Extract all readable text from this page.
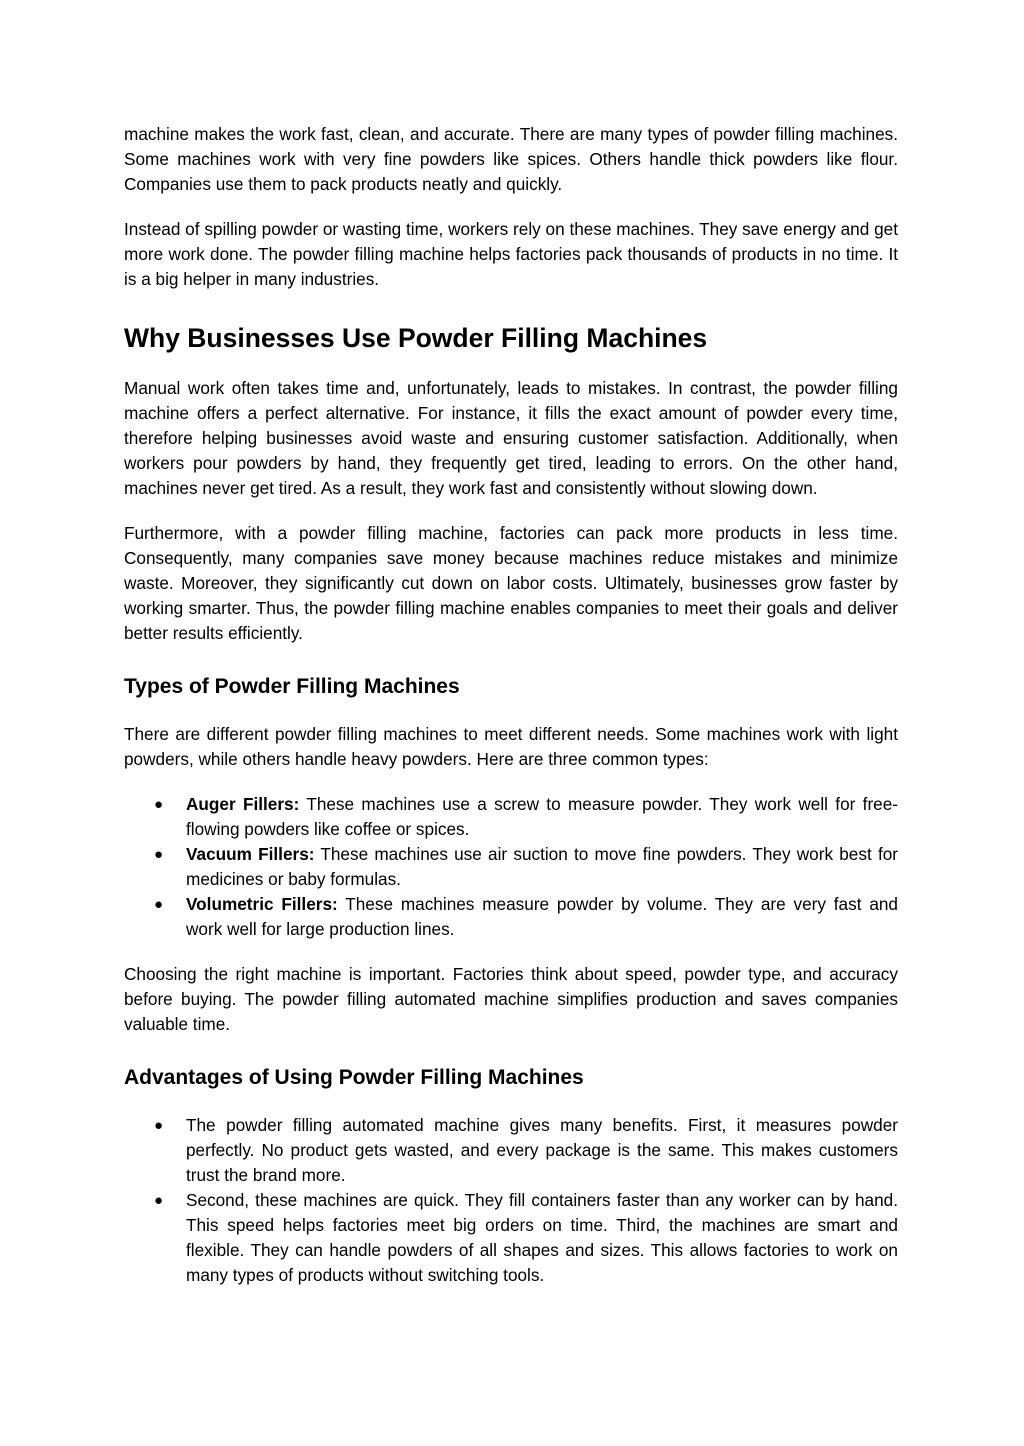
machine makes the work fast, clean, and accurate. There are many types of powder filling machines. Some machines work with very fine powders like spices. Others handle thick powders like flour. Companies use them to pack products neatly and quickly.

Instead of spilling powder or wasting time, workers rely on these machines. They save energy and get more work done. The powder filling machine helps factories pack thousands of products in no time. It is a big helper in many industries.

Why Businesses Use Powder Filling Machines

Manual work often takes time and, unfortunately, leads to mistakes. In contrast, the powder filling machine offers a perfect alternative. For instance, it fills the exact amount of powder every time, therefore helping businesses avoid waste and ensuring customer satisfaction. Additionally, when workers pour powders by hand, they frequently get tired, leading to errors. On the other hand, machines never get tired. As a result, they work fast and consistently without slowing down.

Furthermore, with a powder filling machine, factories can pack more products in less time. Consequently, many companies save money because machines reduce mistakes and minimize waste. Moreover, they significantly cut down on labor costs. Ultimately, businesses grow faster by working smarter. Thus, the powder filling machine enables companies to meet their goals and deliver better results efficiently.

Types of Powder Filling Machines

There are different powder filling machines to meet different needs. Some machines work with light powders, while others handle heavy powders. Here are three common types:

● Auger Fillers: These machines use a screw to measure powder. They work well for free-flowing powders like coffee or spices.
● Vacuum Fillers: These machines use air suction to move fine powders. They work best for medicines or baby formulas.
● Volumetric Fillers: These machines measure powder by volume. They are very fast and work well for large production lines.

Choosing the right machine is important. Factories think about speed, powder type, and accuracy before buying. The powder filling automated machine simplifies production and saves companies valuable time.

Advantages of Using Powder Filling Machines
● The powder filling automated machine gives many benefits. First, it measures powder perfectly. No product gets wasted, and every package is the same. This makes customers trust the brand more.
● Second, these machines are quick. They fill containers faster than any worker can by hand. This speed helps factories meet big orders on time. Third, the machines are smart and flexible. They can handle powders of all shapes and sizes. This allows factories to work on many types of products without switching tools.
